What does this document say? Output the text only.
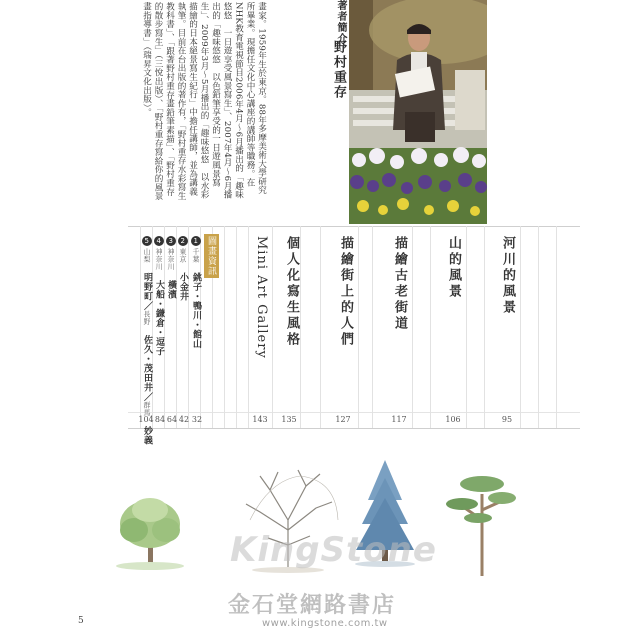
著者簡介
野村重存
畫家。1959年生於東京。88年多摩美術大學研究所畢業。現擔任文化中心講座的講師等職務。在NHK教育電視節目2006年4月～6月播出的「趣味悠悠　一日遊享受風景寫生」、2007年4月～6月播出的「趣味悠悠　以色鉛筆享受的一日遊風景寫生」、2009年3月～5月播出的「趣味悠悠　以水彩描繪的日本絕景寫生紀行」中擔任講師，並為講義執筆。目前在台出版的著作有，「野村重存水彩寫生教科書」、「跟著野村重存畫鉛筆素描」、「野村重存的散步寫生」（三悅出版）、「野村重存寫給你的風景畫指導書」（瑞昇文化出版）。
河川的風景
95
山的風景
106
描繪古老街道
117
描繪街上的人們
127
個人化寫生風格
135
Mini Art Gallery
143
圖畫資訊
1千葉　銚子・鴨川・館山
32
2東京　小金井
42
3神奈川　橫濱
64
4神奈川　大船・鎌倉・逗子
84
5山梨　明野町／長野　佐久・茂田井／群馬　妙義
104
KingStone
金石堂網路書店
www.kingstone.com.tw
5
